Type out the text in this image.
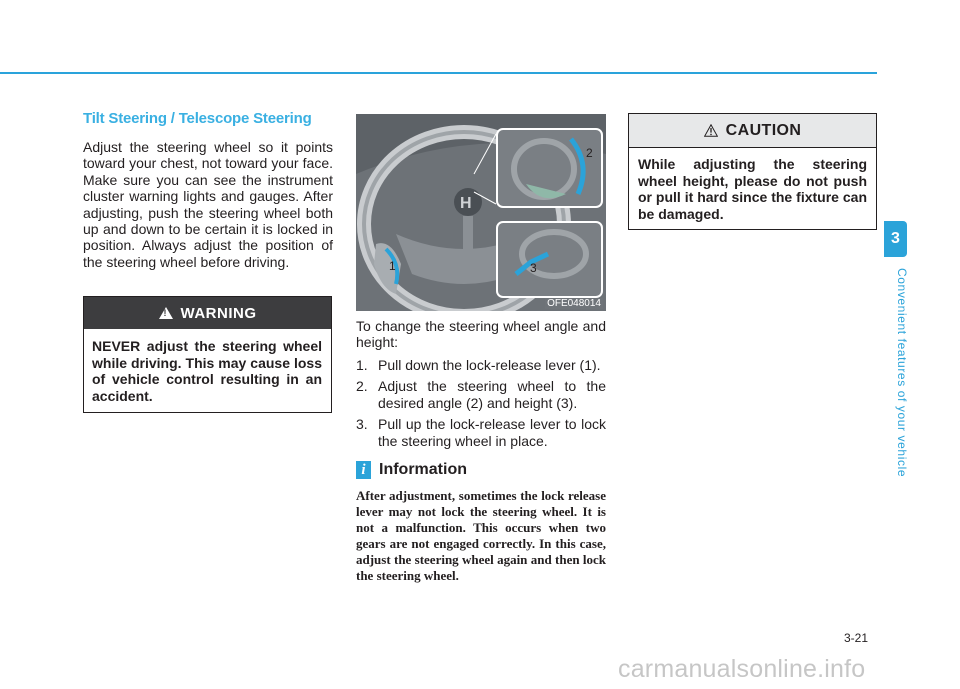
3
Convenient features of your vehicle
Tilt Steering / Telescope Steering

Adjust the steering wheel so it points toward your chest, not toward your face. Make sure you can see the instrument cluster warning lights and gauges. After adjusting, push the steering wheel both up and down to be certain it is locked in position. Always adjust the position of the steering wheel before driving.

!
WARNING
NEVER adjust the steering wheel while driving. This may cause loss of vehicle control resulting in an accident.
H
1
2
3
OFE048014

To change the steering wheel angle and height:

1. Pull down the lock-release lever (1).
2. Adjust the steering wheel to the desired angle (2) and height (3).
3. Pull up the lock-release lever to lock the steering wheel in place.
i Information
After adjustment, sometimes the lock release lever may not lock the steering wheel. It is not a malfunction. This occurs when two gears are not engaged correctly. In this case, adjust the steering wheel again and then lock the steering wheel.
CAUTION
While adjusting the steering wheel height, please do not push or pull it hard since the fixture can be damaged.
3-21
carmanualsonline.info
